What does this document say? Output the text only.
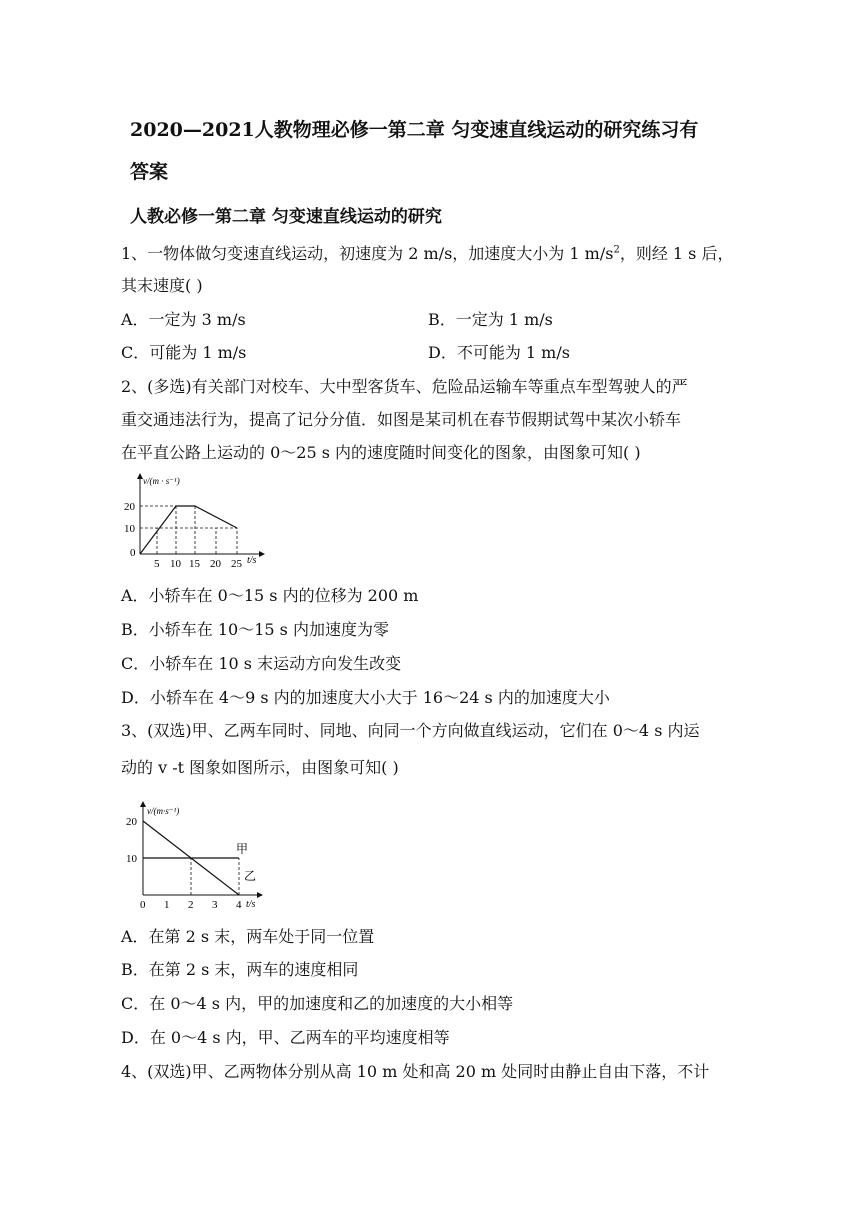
2020—2021人教物理必修一第二章 匀变速直线运动的研究练习有
答案
人教必修一第二章 匀变速直线运动的研究
1、一物体做匀变速直线运动，初速度为 2 m/s，加速度大小为 1 $m/s^2$，则经 1 s 后，
其末速度( )
A．一定为 3 m/s	B．一定为 1 m/s
C．可能为 1 m/s	D．不可能为 1 m/s
2、(多选)有关部门对校车、大中型客货车、危险品运输车等重点车型驾驶人的严
重交通违法行为，提高了记分分值．如图是某司机在春节假期试驾中某次小轿车
在平直公路上运动的 0～25 s 内的速度随时间变化的图象，由图象可知( )
v/(m · s⁻¹)
20
10
0
5 10 15 20 25 t/s
A．小轿车在 0～15 s 内的位移为 200 m
B．小轿车在 10～15 s 内加速度为零
C．小轿车在 10 s 末运动方向发生改变
D．小轿车在 4～9 s 内的加速度大小大于 16～24 s 内的加速度大小
3、(双选)甲、乙两车同时、同地、向同一个方向做直线运动，它们在 0～4 s 内运
动的 v -t 图象如图所示，由图象可知( )
v/(m·s⁻¹)
20
10
甲
乙
0 1 2 3 4 t/s
A．在第 2 s 末，两车处于同一位置
B．在第 2 s 末，两车的速度相同
C．在 0～4 s 内，甲的加速度和乙的加速度的大小相等
D．在 0～4 s 内，甲、乙两车的平均速度相等
4、(双选)甲、乙两物体分别从高 10 m 处和高 20 m 处同时由静止自由下落，不计
